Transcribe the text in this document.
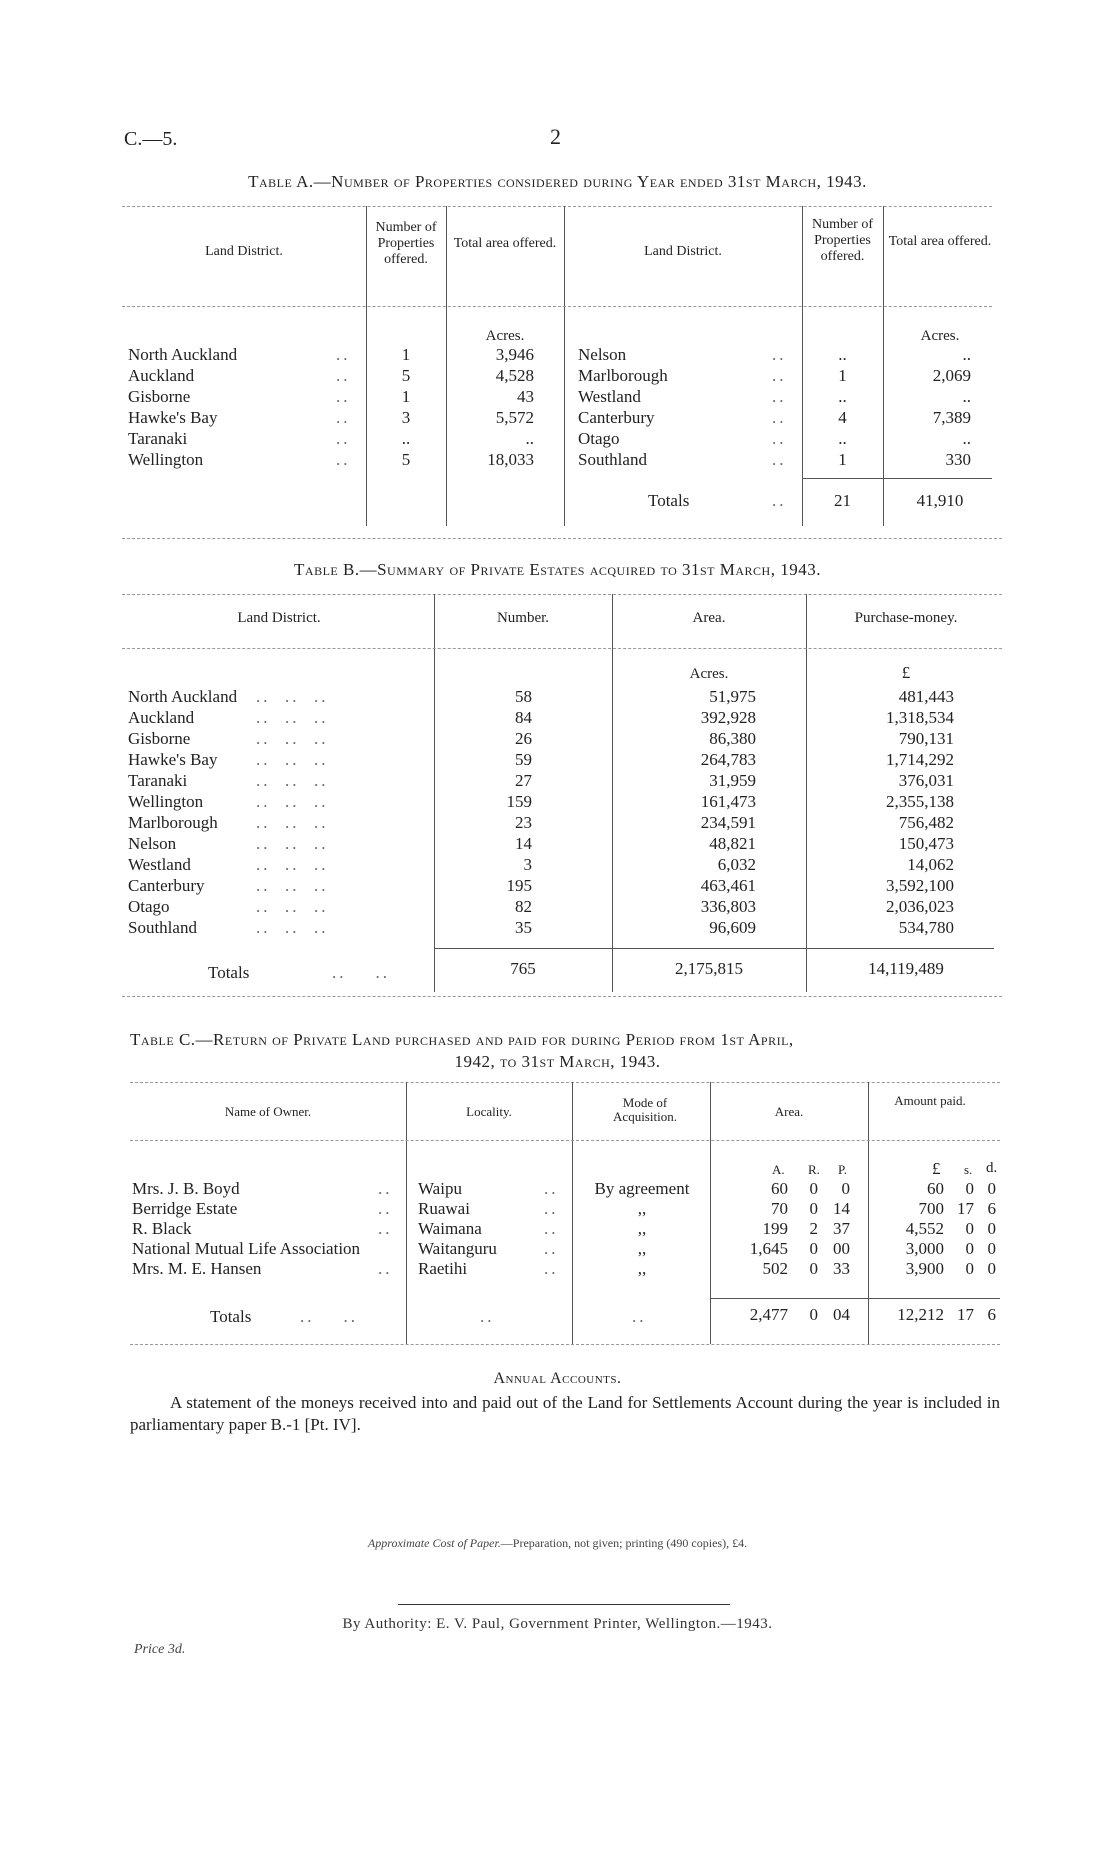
C.—5.	2
Table A.—Number of Properties considered during Year ended 31st March, 1943.
Land District.
Number of Properties offered.
Total area offered.
Land District.
Number of Properties offered.
Total area offered.
Acres.	Acres.
North Auckland	..	1	3,946
Auckland	..	5	4,528
Gisborne	..	1	43
Hawke's Bay	..	3	5,572
Taranaki	..	..	..
Wellington	..	5	18,033
Nelson	..	..	..
Marlborough	..	1	2,069
Westland	..	..	..
Canterbury	..	4	7,389
Otago	..	..	..
Southland	..	1	330
Totals	..	21	41,910
Table B.—Summary of Private Estates acquired to 31st March, 1943.
Land District.	Number.	Area.	Purchase-money.
Acres.	£
North Auckland ..  ..  ..	58	51,975	481,443
Auckland	..  ..  ..	84	392,928	1,318,534
Gisborne	..  ..  ..	26	86,380	790,131
Hawke's Bay ..  ..  ..	59	264,783	1,714,292
Taranaki	..  ..  ..	27	31,959	376,031
Wellington	..  ..  ..	159	161,473	2,355,138
Marlborough ..  ..  ..	23	234,591	756,482
Nelson	..  ..  ..	14	48,821	150,473
Westland	..  ..  ..	3	6,032	14,062
Canterbury	..  ..  ..	195	463,461	3,592,100
Otago	..  ..  ..	82	336,803	2,036,023
Southland	..  ..  ..	35	96,609	534,780
Totals	..    ..	765	2,175,815	14,119,489
Table C.—Return of Private Land purchased and paid for during Period from 1st April,
1942, to 31st March, 1943.
Name of Owner.	Locality.
Mode of Acquisition.	Area.
Amount paid.
A. R. P.	£ s. d.
Mrs. J. B. Boyd	.. Waipu	..	By agreement	60	0	0	60	0 0
Berridge Estate	.. Ruawai	..	,,	70	0 14	700 17 6
R. Black	.. Waimana	..	,,	199	2 37	4,552	0 0
National Mutual Life Association	Waitanguru	..	,,	1,645	0 00	3,000	0 0
Mrs. M. E. Hansen	.. Raetihi	..	,,	502	0 33	3,900	0 0
Totals	..    ..	..	..	2,477	0 04	12,212 17 6
Annual Accounts.
A statement of the moneys received into and paid out of the Land for Settlements Account during the year is included in parliamentary paper B.-1 [Pt. IV].
Approximate Cost of Paper.—Preparation, not given; printing (490 copies), £4.
By Authority: E. V. Paul, Government Printer, Wellington.—1943.
Price 3d.
